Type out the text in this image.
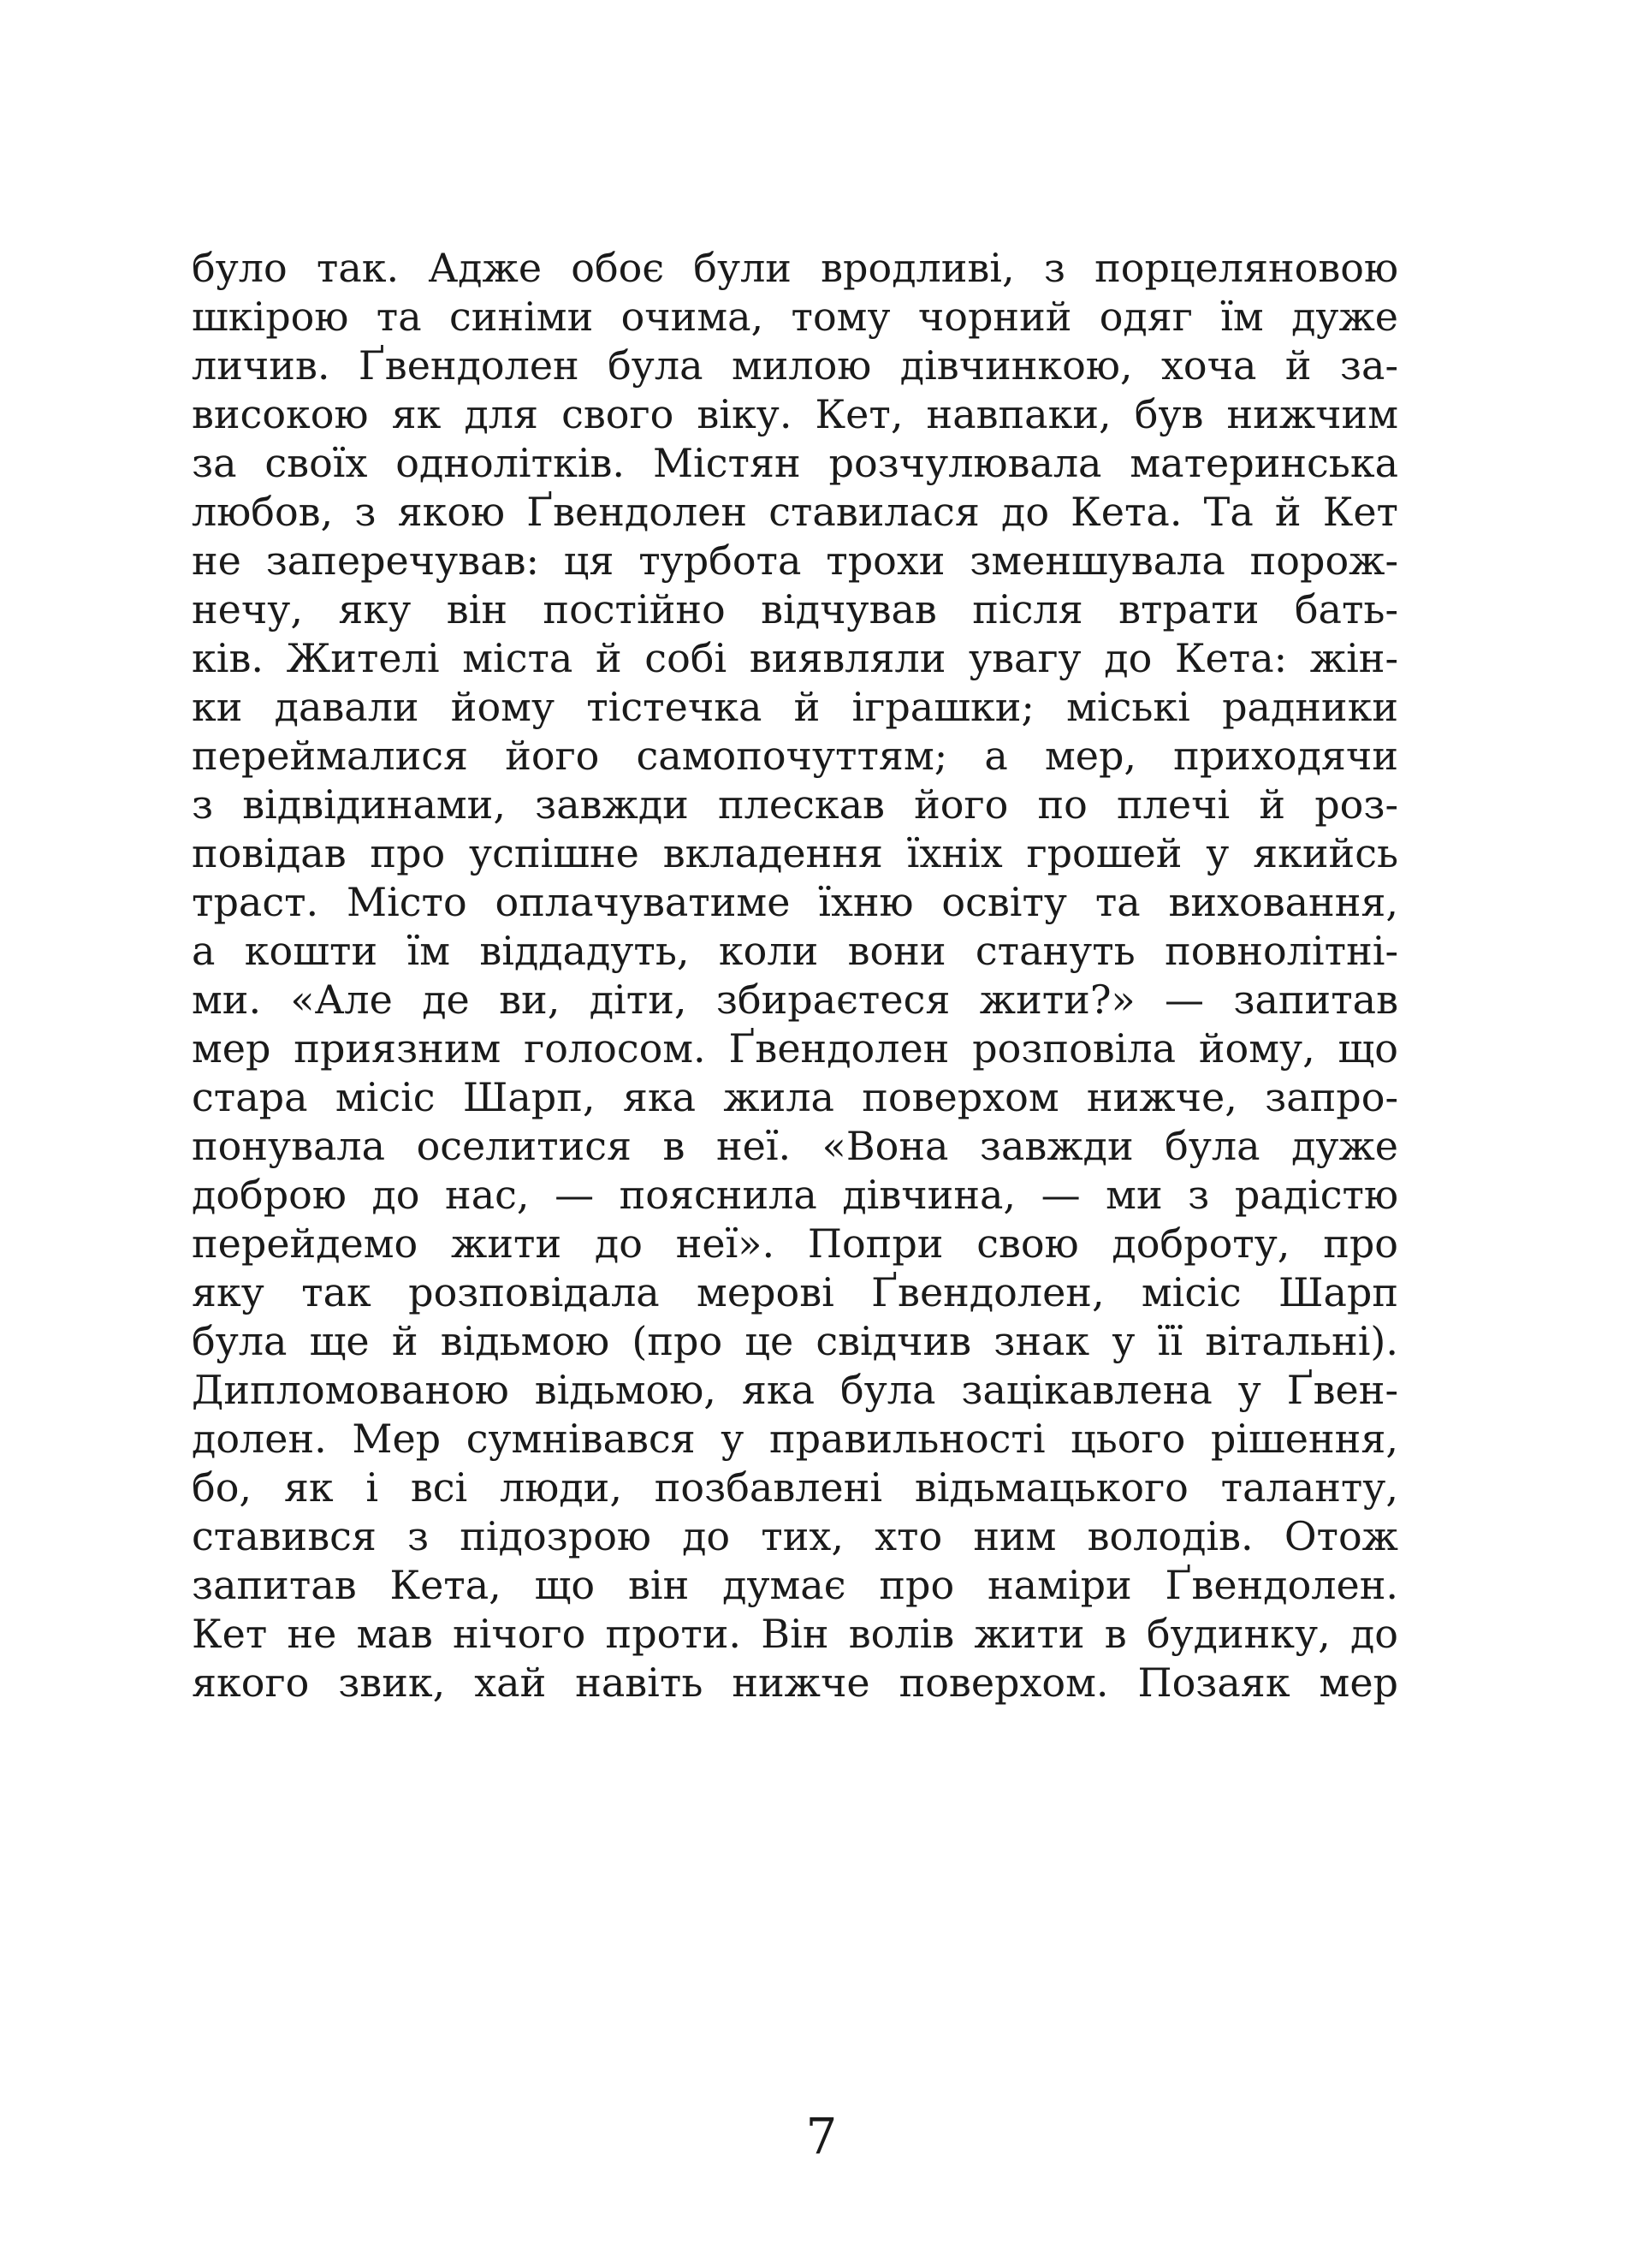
було так. Адже обоє були вродливі, з порцеляновою
шкірою та синіми очима, тому чорний одяг їм дуже
личив. Ґвендолен була милою дівчинкою, хоча й за-
високою як для свого віку. Кет, навпаки, був нижчим
за своїх однолітків. Містян розчулювала материнська
любов, з якою Ґвендолен ставилася до Кета. Та й Кет
не заперечував: ця турбота трохи зменшувала порож-
нечу, яку він постійно відчував після втрати бать-
ків. Жителі міста й собі виявляли увагу до Кета: жін-
ки давали йому тістечка й іграшки; міські радники
переймалися його самопочуттям; а мер, приходячи
з відвідинами, завжди плескав його по плечі й роз-
повідав про успішне вкладення їхніх грошей у якийсь
траст. Місто оплачуватиме їхню освіту та виховання,
а кошти їм віддадуть, коли вони стануть повнолітні-
ми. «Але де ви, діти, збираєтеся жити?» — запитав
мер приязним голосом. Ґвендолен розповіла йому, що
стара місіс Шарп, яка жила поверхом нижче, запро-
понувала оселитися в неї. «Вона завжди була дуже
доброю до нас, — пояснила дівчина, — ми з радістю
перейдемо жити до неї». Попри свою доброту, про
яку так розповідала мерові Ґвендолен, місіс Шарп
була ще й відьмою (про це свідчив знак у її вітальні).
Дипломованою відьмою, яка була зацікавлена у Ґвен-
долен. Мер сумнівався у правильності цього рішення,
бо, як і всі люди, позбавлені відьмацького таланту,
ставився з підозрою до тих, хто ним володів. Отож
запитав Кета, що він думає про наміри Ґвендолен.
Кет не мав нічого проти. Він волів жити в будинку, до
якого звик, хай навіть нижче поверхом. Позаяк мер
7
